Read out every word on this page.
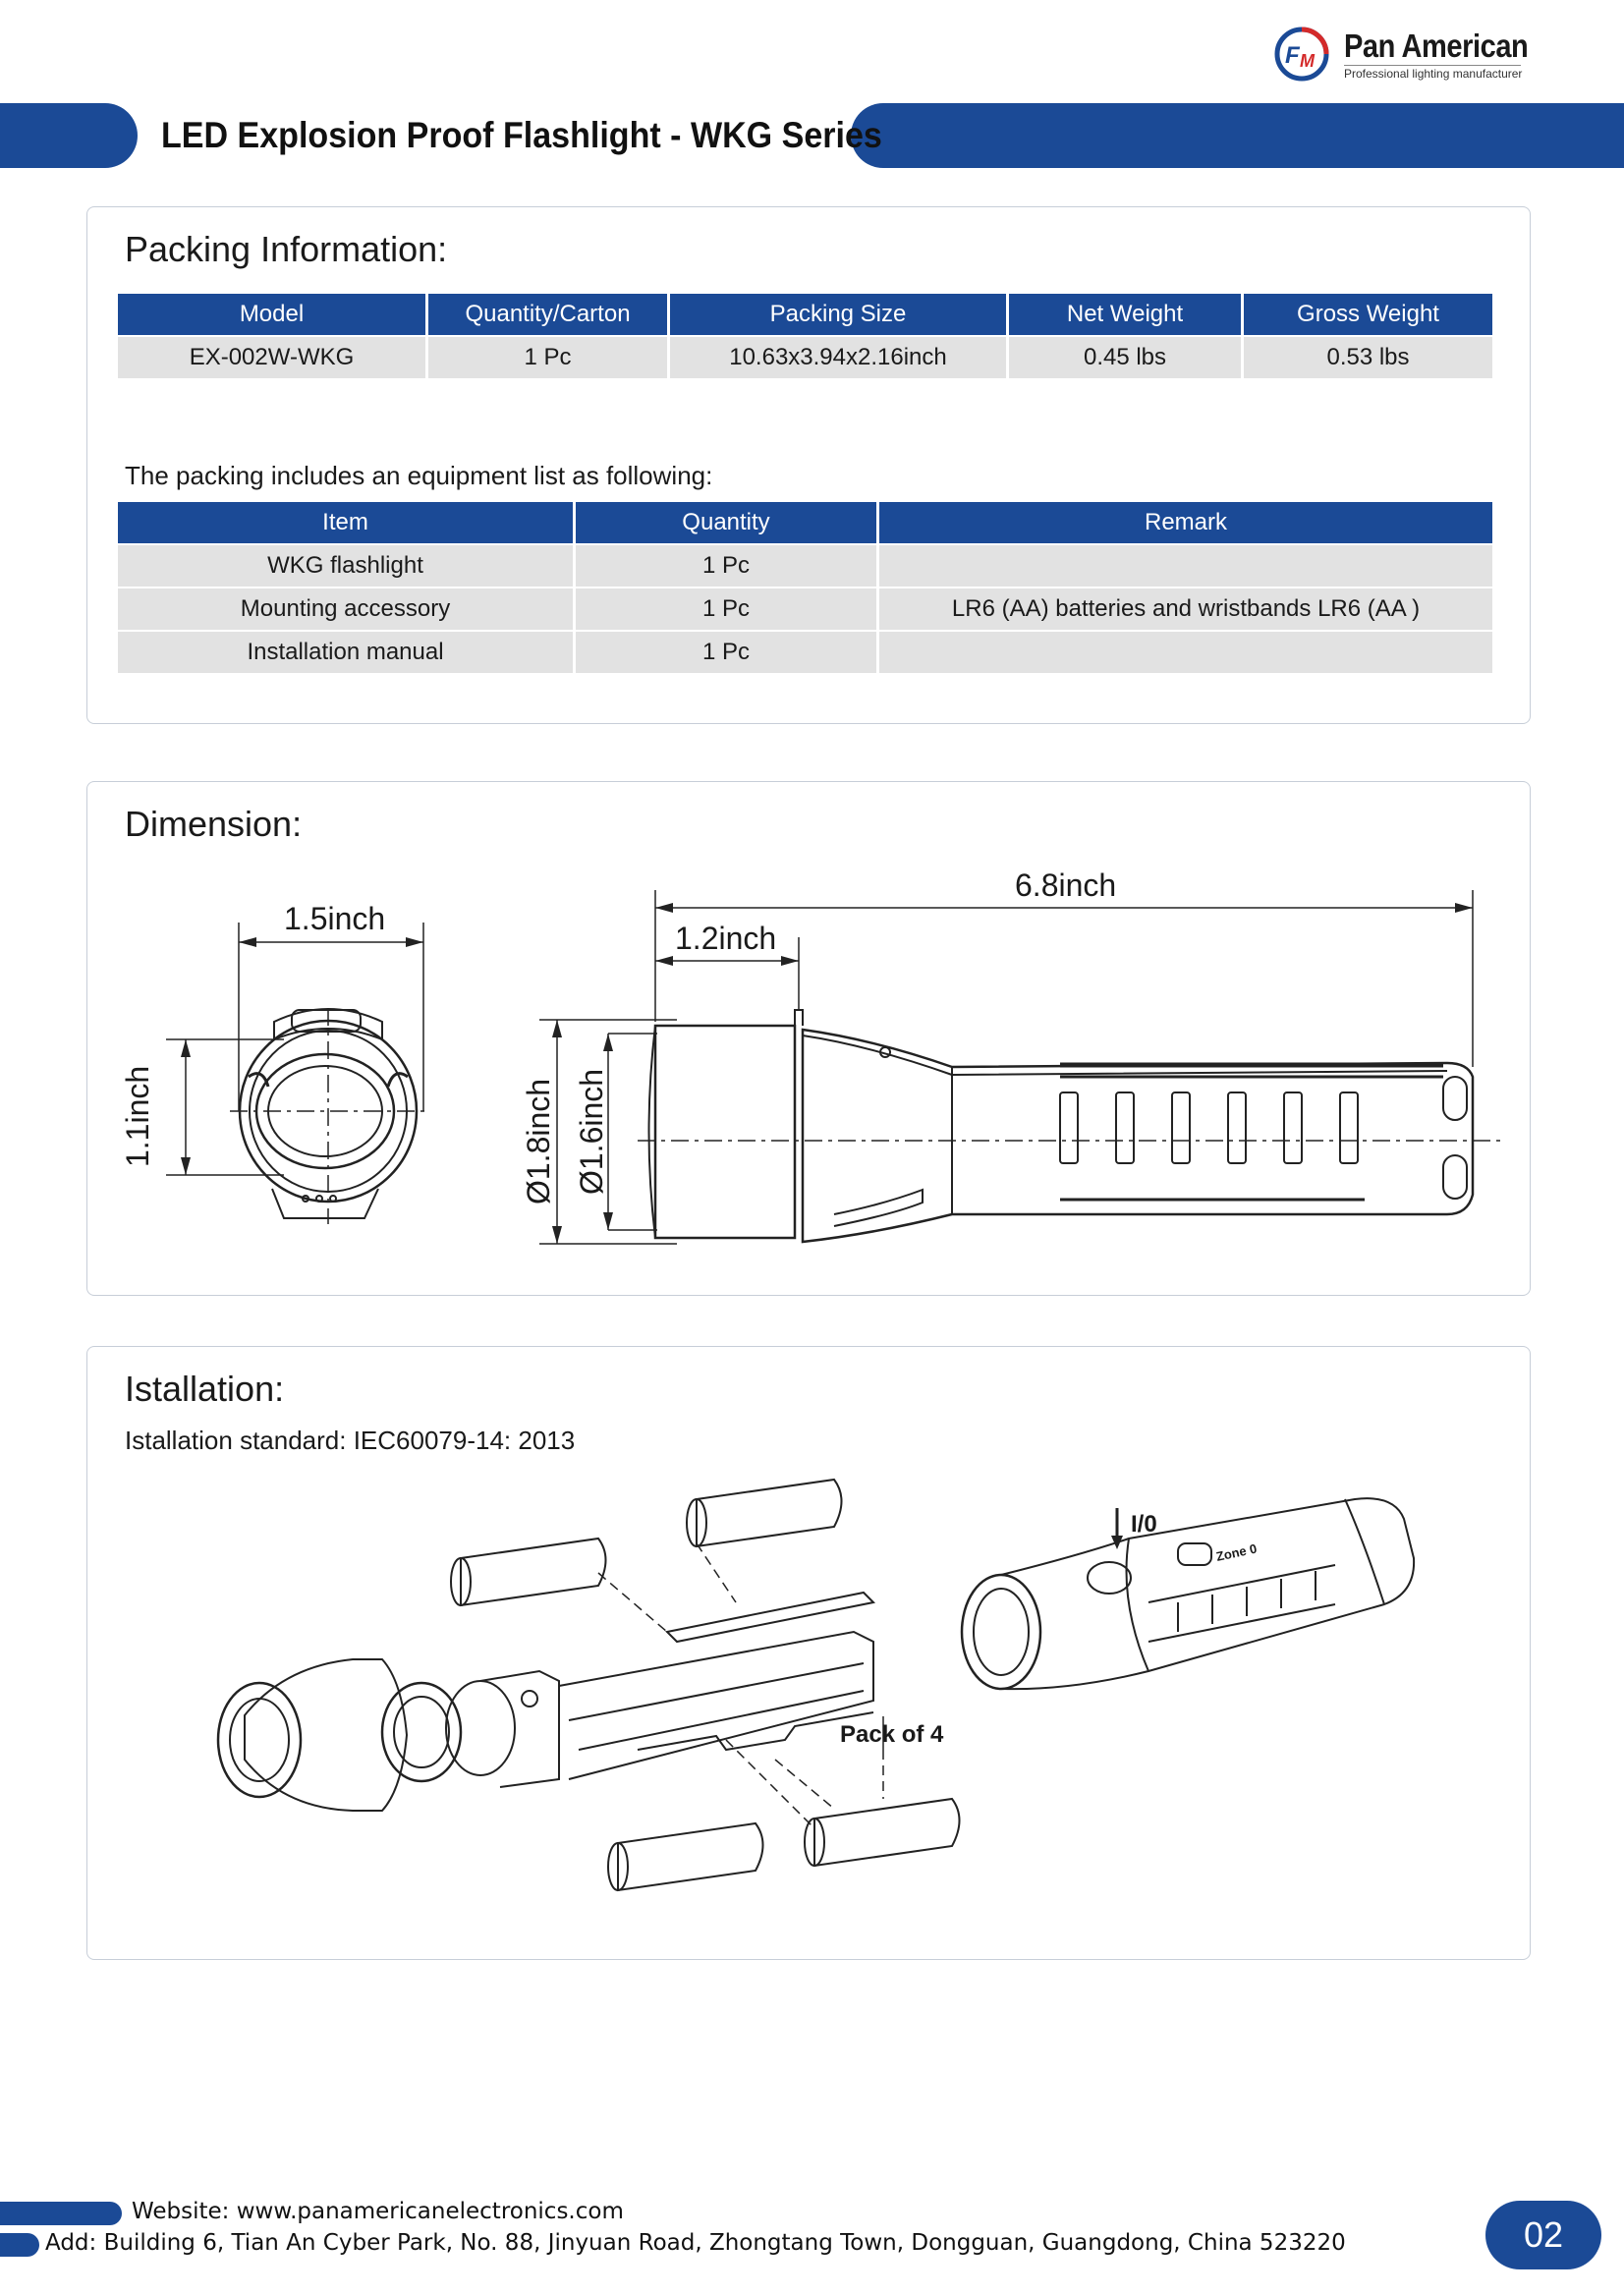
F M Pan American
Professional lighting manufacturer
LED Explosion Proof Flashlight - WKG Series
Packing Information:
Model	Quantity/Carton	Packing Size	Net Weight	Gross Weight
EX-002W-WKG	1 Pc	10.63x3.94x2.16inch	0.45 lbs	0.53 lbs
The packing includes an equipment list as following:
Item	Quantity	Remark
WKG flashlight	1 Pc	
Mounting accessory	1 Pc	LR6 (AA) batteries and wristbands LR6 (AA )
Installation manual	1 Pc	
Dimension:
1.5inch
1.1inch
6.8inch
1.2inch
Ø1.8inch Ø1.6inch
Istallation:
Istallation standard: IEC60079-14: 2013
I/0
Pack of 4
Zone 0
Website: www.panamericanelectronics.com
Add: Building 6, Tian An Cyber Park, No. 88, Jinyuan Road, Zhongtang Town, Dongguan, Guangdong, China 523220	02
